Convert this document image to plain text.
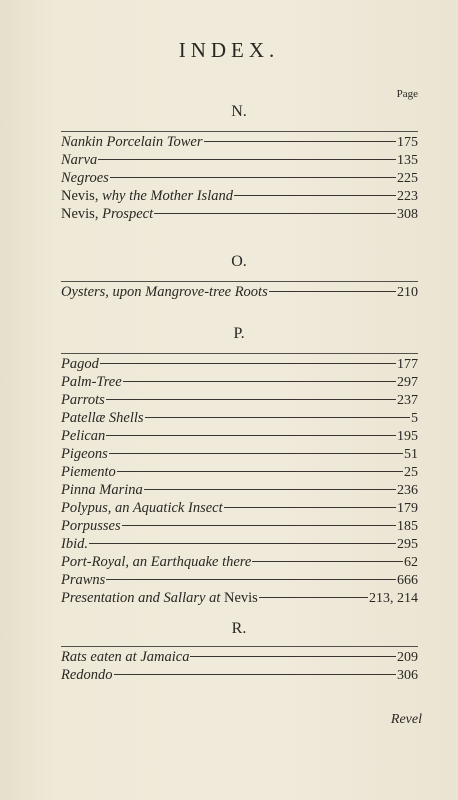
INDEX.
Page
N.
Nankin Porcelain Tower	175
Narva	135
Negroes	225
Nevis, why the Mother Island	223
Nevis, Prospect	308
O.
Oysters, upon Mangrove-tree Roots	210
P.
Pagod	177
Palm-Tree	297
Parrots	237
Patellæ Shells	5
Pelican	195
Pigeons	51
Piemento	25
Pinna Marina	236
Polypus, an Aquatick Insect	179
Porpusses	185
Ibid.	295
Port-Royal, an Earthquake there	62
Prawns	666
Presentation and Sallary at Nevis	213, 214
R.
Rats eaten at Jamaica	209
Redondo	306
Revel
